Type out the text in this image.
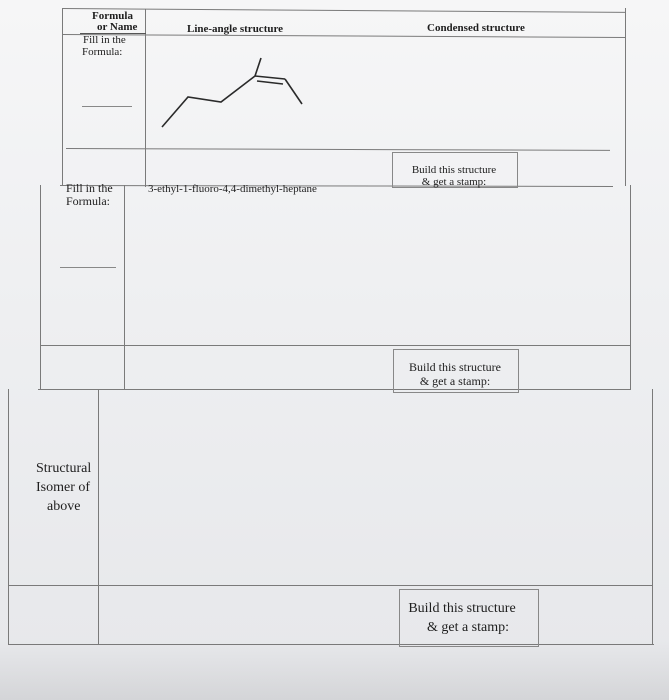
Formula
or Name	Line-angle structure	Condensed structure
Fill in the
Formula:
Build this structure
& get a stamp:
Fill in the
Formula:
3-ethyl-1-fluoro-4,4-dimethyl-heptane
Build this structure
& get a stamp:
Structural
Isomer of
above
Build this structure
& get a stamp:
